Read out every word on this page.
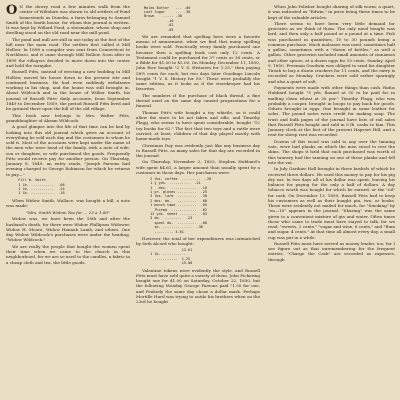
O N the dowry road a few minutes walk from the center of Wiltshire was shown to old settlers of Pond homesteads as Dunelm, a farm belonging to Samuel Smith of the Smith house, for whom this journal is written. It was kept by Willard Pond, a shoemaker, whose shop and dwelling stood on the old road near the mill pond.

The pond and mill are still in use today at the foot of the hill near the main road. The settlers first called it Mill Hollow. In 1898 a compiler was sent from Connecticut to Northboro, and it came through Mill Hollow. Soon after in 1899 the villagers decided to move down into the center and hold the turnpike.

Russell Pitts, instead of erecting a new building in Mill Hollow, moved his house down to the present site and continued business. He had even suddenly withdrawn working in his shop, and the house was still brought in. About Wildcock and in the house of Wilber Smith, his journal of Russell Pitts' daily accounts, from September 1849 to December 1859, the period Russell Pitts lived and he grinned there upon the hill of the old village.

This book now belongs to Mrs. Walter Pitts, granddaughter of Abram Wildcock.

A good glimpse into the life of that time can be had by looking into this old journal which gives an account of everything he sold each day and the customers to whom he sold it. Most of the accounts were kept under the name of the men who were head of the family, with a note of wife, son or daughter, or wife purchased the goods. Frequently Pitts would receive pay for another person. On Thursday, January 8, 1849, an entry reads, "Joseph Parsons had evening charged to George Robinson for which he returns to pay—"

Fill W. Smith
1 lb. ...........  .06
1 lb. ...........  .24
1 lb. ...........  .16

When Widow Smith, Wallace, was bought a bill, a note was made:

"Mrs. Smith Widow Tea for ... 23 ¢ 1.85"

Widow was, we have been the 18th and after the husband's death, for there were Widow Phillipses Widower, Widow H. Moore, Widow Hannah Lamb, and others. One day Widow Wildcock's purchases were under the heading, "Widow Wildcock."

We are really the people that bought the women spent their time when we came to the church in this neighborhood, for we are so used to the candles, a fabric in a cheap cloth and tea, the little goods.

Molds Butter   ... .06
Loaf Sugar     ... .38
Brown    ..... .38
.10
.02
.05

We are reminded that spelling bees were a favorite means of amusement, when we find that many spelling books were sold. Practically every family purchased one because then a spelling book cost only 12 cents. A Testament could be purchased for 37 cents or 38 cents, or a Bible for $1.00 to $2.00. On Monday, December 11, 1850, John Rice bought "2 Y. S. Histories for 1.25," then paying 58½ cents for each; but two days later Goodings Lincoln bought "1 Y. S. History for 50." These were probably the same edition, as it looks as if the storekeeper had his favorites.

The numbers if the purchase of black thread, a fine thread used on the same day caused preparations for a funeral.

Thomas Pitt's wife bought a toy whistle, so it could allow the store to be not taken and rifle, and Timothy Flagg, who seems to have spent considerable, bought "12 toy books for 62." The fact that two toys and a rattle were carried, at least, children of that day played mostly with home-made toys.

Christmas Day was evidently just like any business day to Russell Pitts, as many sales for that day are recorded in the journal.

On Thursday, November 2, 1853, Stephen Hubbard's wife spent $4.61, a larger amount than usually spent by a customer in those days. Her purchases were:

2 lbs. coffee  .........  .26
1 ¼ yds. ..........  .21
1   doz.  ............  .10
1 pr. gloves .........  .25
3 lbs. lard  .........  .30
2 doz. do.   .........  .08
1 bunch tape .........  .05
Thread  ............  .02
12 yds. sheet ........  .83
3 do.  ........  .23
spool do.  .........  .08
sk. ..............  .38
......... 4.61

However, the total of her expenditures was outmatched by Seth Alcord who bought:

12.61
1 lb. ...........
...........  1.25
15.00

Valentine tokens were evidently the style, and Russell Pitts must have sold quite a variety of them. John Pickering bought one for $1.00 on Saturday, October 22, 1850, but the following Monday George Parsons paid "1.50 for one, and Peabody the same day chose a dollar mark. Perhaps Mortille Hurd was trying to outdo his brothers when on the 23rd he bought

When John Polisher bought sharing of silk worm, a quart, it was indicated as "Edwin," in price being these times to be kept of the valuable articles.

There seems to have been very little demand for groceries as we think of them. The only meal bought was lard, and then only a half pound or a pound at a time. Fish was purchased in quantities, 10 to 30 pounds being a common purchase. Much molasses was used, sometimes half a gallon, sometimes with a "dozen of kettles," as well a gallon. Other groceries included small amounts of cinnamon and other spices, at a dozen eggs for 15 cents. Sunday, April 9, 1850, Freeman Goodwin was obliged to send his daughter Tirzah to buy a dozen crackers for 11 cents, and the entry is recorded as Monday. Crackers were sold rather sparingly and also a quart of salt.

Payments were made with other things than cash. Rufus Hubbard bought "5 yds. flannel at 30 to be paid for in mulling clean wheat at 30 per." Timothy Flagg, who was probably a cooper, brought in hoops to pay back for goods. Others brought in eggs. One brought in some leather for soles. The pound notes were credit for making soap. The trust and bulk pages of the journal have lists of rail sales that Russell Pitts bought and sold in 5 lb. casks to him. This January clock at the foot of the present Hapeset Hill, and a rent for sheep rent was recorded.

Dozens of this wood was sold to any over the tanning vats, were laid planks on which the men stood to rest the skins. The shops it held that each purchased was worth of this tannery had the tanning on one of these planks and fell into the vat.

In July Gardner Hall brought in three bushels of which he received three dollars. He used this money to pay for his pig dry eat. In two days all of his dollar was spent, leaving his balance for paying for the only a half of dollars. A day tobacco worth was bought for which he earned, or the "oil" for cash. On December 13, 1850, Russell Pitts had to keep his customers as well as their bought pin, two, or books. These were evidently not mailed for much, for "Smoking" by "en—10" appears in the journal. "Sharing" was the same given to a convenient mixture of gin and water. Often times those who came to trade must have stayed to talk, for we read, "sweets, 2 cents," "sugar and wine, 8 cents," and "Rum and sugar, 4 cents." At that time all almost every day, a small cup was put in a while.

Russell Pitts must have served as money lender, too, for I see figure out as that unremembering for the frequent entries, "Charge the Cash" are recorded as expenses, through
